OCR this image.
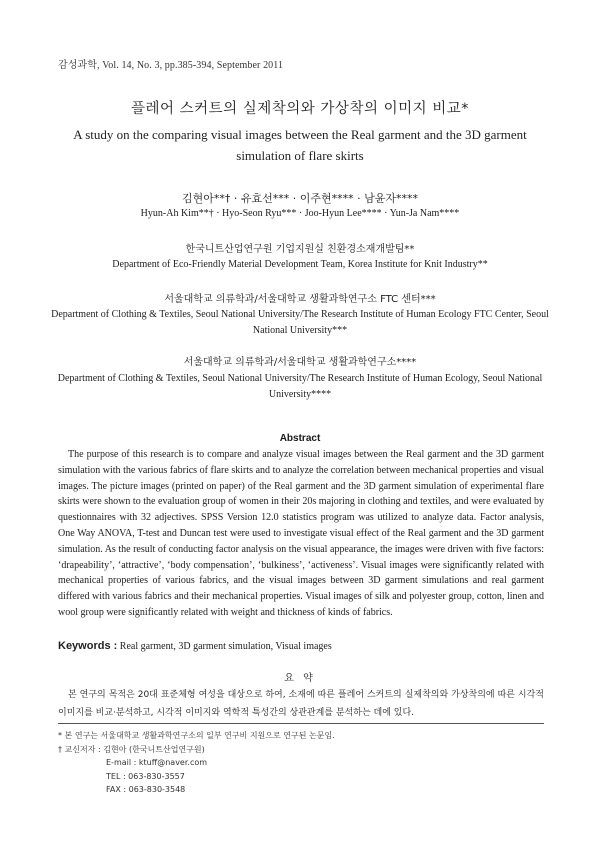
감성과학, Vol. 14, No. 3, pp.385-394, September 2011
플레어 스커트의 실제착의와 가상착의 이미지 비교*
A study on the comparing visual images between the Real garment and the 3D garment simulation of flare skirts
김현아**† · 유효선*** · 이주현**** · 남윤자****
Hyun-Ah Kim**† · Hyo-Seon Ryu*** · Joo-Hyun Lee**** · Yun-Ja Nam****
한국니트산업연구원 기업지원실 친환경소재개발팀**
Department of Eco-Friendly Material Development Team, Korea Institute for Knit Industry**
서울대학교 의류학과/서울대학교 생활과학연구소 FTC 센터***
Department of Clothing & Textiles, Seoul National University/The Research Institute of Human Ecology FTC Center, Seoul National University***
서울대학교 의류학과/서울대학교 생활과학연구소****
Department of Clothing & Textiles, Seoul National University/The Research Institute of Human Ecology, Seoul National University****
Abstract
The purpose of this research is to compare and analyze visual images between the Real garment and the 3D garment simulation with the various fabrics of flare skirts and to analyze the correlation between mechanical properties and visual images. The picture images (printed on paper) of the Real garment and the 3D garment simulation of experimental flare skirts were shown to the evaluation group of women in their 20s majoring in clothing and textiles, and were evaluated by questionnaires with 32 adjectives. SPSS Version 12.0 statistics program was utilized to analyze data. Factor analysis, One Way ANOVA, T-test and Duncan test were used to investigate visual effect of the Real garment and the 3D garment simulation. As the result of conducting factor analysis on the visual appearance, the images were driven with five factors: ‘drapeability’, ‘attractive’, ‘body compensation’, ‘bulkiness’, ‘activeness’. Visual images were significantly related with mechanical properties of various fabrics, and the visual images between 3D garment simulations and real garment differed with various fabrics and their mechanical properties. Visual images of silk and polyester group, cotton, linen and wool group were significantly related with weight and thickness of kinds of fabrics.
Keywords : Real garment, 3D garment simulation, Visual images
요 약
본 연구의 목적은 20대 표준체형 여성을 대상으로 하여, 소재에 따른 플레어 스커트의 실제착의와 가상착의에 따른 시각적 이미지를 비교·분석하고, 시각적 이미지와 역학적 특성간의 상관관계를 분석하는 데에 있다.
* 본 연구는 서울대학교 생활과학연구소의 일부 연구비 지원으로 연구된 논문임.
† 교신저자 : 김현아 (한국니트산업연구원)
E-mail : ktuff@naver.com
TEL : 063-830-3557
FAX : 063-830-3548
